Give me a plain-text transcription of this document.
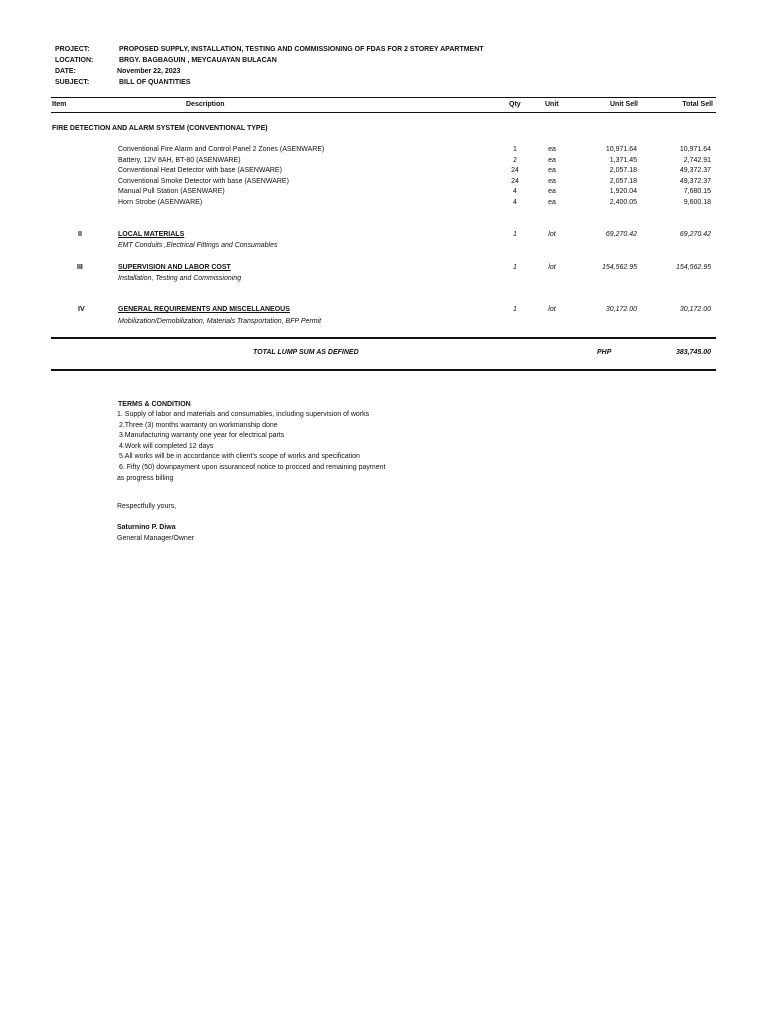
PROJECT:	PROPOSED SUPPLY, INSTALLATION, TESTING AND COMMISSIONING OF FDAS FOR 2 STOREY APARTMENT
LOCATION:	BRGY. BAGBAGUIN , MEYCAUAYAN BULACAN
DATE:	November 22, 2023
SUBJECT:	BILL OF QUANTITIES
Item	Description	Qty	Unit	Unit Sell	Total Sell
FIRE DETECTION AND ALARM SYSTEM (CONVENTIONAL TYPE)
Conventional Fire Alarm and Control Panel 2 Zones (ASENWARE)	1	ea	10,971.64	10,971.64
Battery, 12V 8AH, BT-80 (ASENWARE)	2	ea	1,371.45	2,742.91
Conventional Heat Detector with base (ASENWARE)	24	ea	2,057.18	49,372.37
Conventional Smoke Detector with base (ASENWARE)	24	ea	2,057.18	49,372.37
Manual Pull Station (ASENWARE)	4	ea	1,920.04	7,680.15
Horn Strobe (ASENWARE)	4	ea	2,400.05	9,600.18
II	LOCAL MATERIALS	1	lot	69,270.42	69,270.42
EMT Conduits ,Electrical Fittings and Consumables
III	SUPERVISION AND LABOR COST	1	lot	154,562.95	154,562.95
Installation, Testing and Commissioning
IV	GENERAL REQUIREMENTS AND MISCELLANEOUS	1	lot	30,172.00	30,172.00
Mobilization/Demobilization, Materials Transportation, BFP Permit
TOTAL LUMP SUM AS DEFINED	PHP	383,745.00
TERMS & CONDITION
1. Supply of labor and materials and consumables, including supervision of works
2.Three (3) months warranty on workmanship done
3.Manufacturing warranty one year for electrical parts
4.Work will completed 12 days
5.All works will be in accordance with client's scope of works and specification
6. Fifty (50) downpayment upon issuranceof notice to procced and remaining payment
as progress billing
Respectfully yours,
Saturnino P. Diwa
General Manager/Owner
